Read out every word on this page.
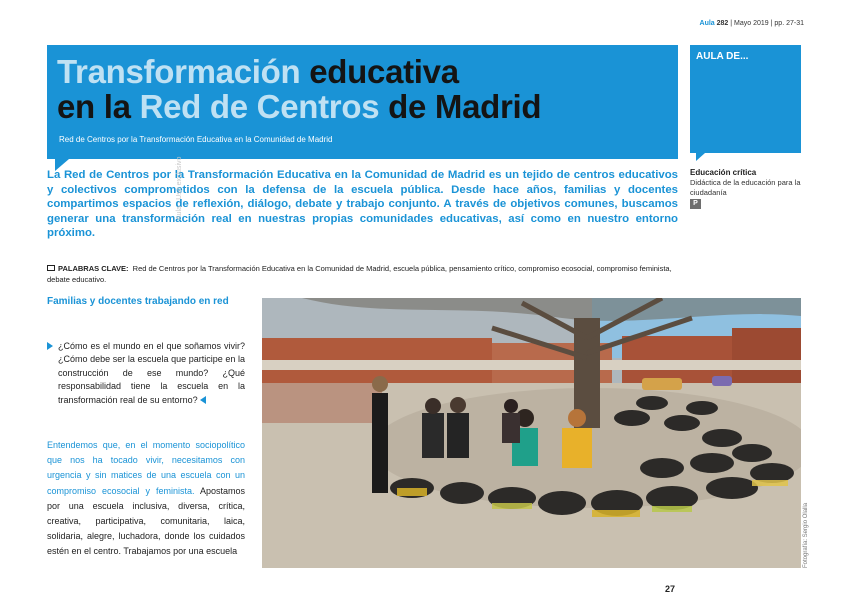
Aula 282 | Mayo 2019 | pp. 27-31
Transformación educativa
en la Red de Centros de Madrid
Red de Centros por la Transformación Educativa en la Comunidad de Madrid
AULA DE...
Educación crítica
Didáctica de la educación para la ciudadanía
P

La Red de Centros por la Transformación Educativa en la Comunidad de Madrid es un tejido de centros educativos y colectivos comprometidos con la defensa de la escuela pública. Desde hace años, familias y docentes compartimos espacios de reflexión, diálogo, debate y trabajo conjunto. A través de objetivos comunes, buscamos generar una transformación real en nuestras propias comunidades educativas, así como en nuestro entorno próximo.

PALABRAS CLAVE: Red de Centros por la Transformación Educativa en la Comunidad de Madrid, escuela pública, pensamiento crítico, compromiso ecosocial, compromiso feminista, debate educativo.
Familias y docentes trabajando en red

¿Cómo es el mundo en el que soñamos vivir? ¿Cómo debe ser la escuela que participe en la construcción de ese mundo? ¿Qué responsabilidad tiene la escuela en la transformación real de su entorno?

Entendemos que, en el momento sociopolítico que nos ha tocado vivir, necesitamos con urgencia y sin matices de una escuela con un compromiso ecosocial y feminista. Apostamos por una escuela inclusiva, diversa, crítica, creativa, participativa, comunitaria, laica, solidaria, alegre, luchadora, donde los cuidados estén en el centro. Trabajamos por una escuela

Aula · Uso exclusivo
Fotografía: Sergio Olalla
27
